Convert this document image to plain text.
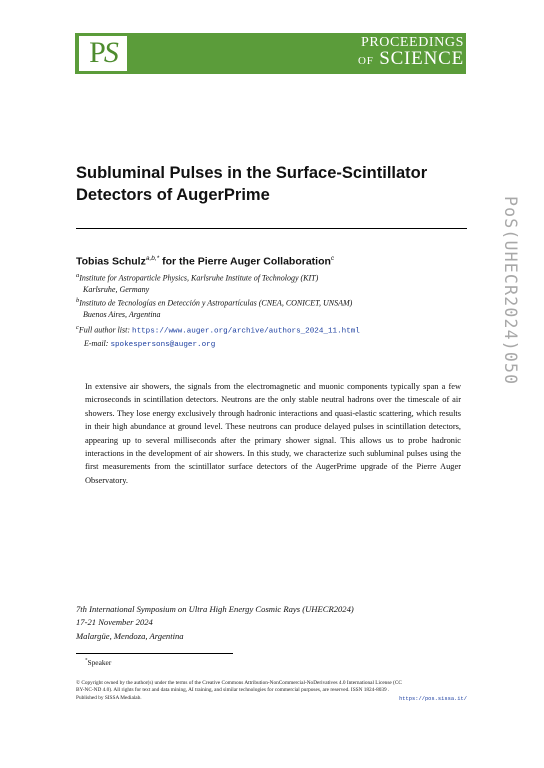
PS	PROCEEDINGS
OF SCIENCE
Subluminal Pulses in the Surface-Scintillator
Detectors of AugerPrime
Tobias Schulz$^{a,b,*}$ for the Pierre Auger Collaboration$^c$
$^a$Institute for Astroparticle Physics, Karlsruhe Institute of Technology (KIT)
Karlsruhe, Germany
$^b$Instituto de Tecnologías en Detección y Astropartículas (CNEA, CONICET, UNSAM)
Buenos Aires, Argentina
$^c$Full author list: https://www.auger.org/archive/authors_2024_11.html
E-mail: spokespersons@auger.org
In extensive air showers, the signals from the electromagnetic and muonic components typically span a few microseconds in scintillation detectors. Neutrons are the only stable neutral hadrons over the timescale of air showers. They lose energy exclusively through hadronic interactions and quasi-elastic scattering, which results in their high abundance at ground level. These neutrons can produce delayed pulses in scintillation detectors, appearing up to several milliseconds after the primary shower signal. This allows us to probe hadronic interactions in the development of air showers. In this study, we characterize such subluminal pulses using the first measurements from the scintillator surface detectors of the AugerPrime upgrade of the Pierre Auger Observatory.
PoS(UHECR2024)050
7th International Symposium on Ultra High Energy Cosmic Rays (UHECR2024)
17-21 November 2024
Malargüe, Mendoza, Argentina
*Speaker
© Copyright owned by the author(s) under the terms of the Creative Commons Attribution-NonCommercial-NoDerivatives 4.0 International License (CC BY-NC-ND 4.0). All rights for text and data mining, AI training, and similar technologies for commercial purposes, are reserved. ISSN 1824-8039 . Published by SISSA Medialab.	https://pos.sissa.it/
